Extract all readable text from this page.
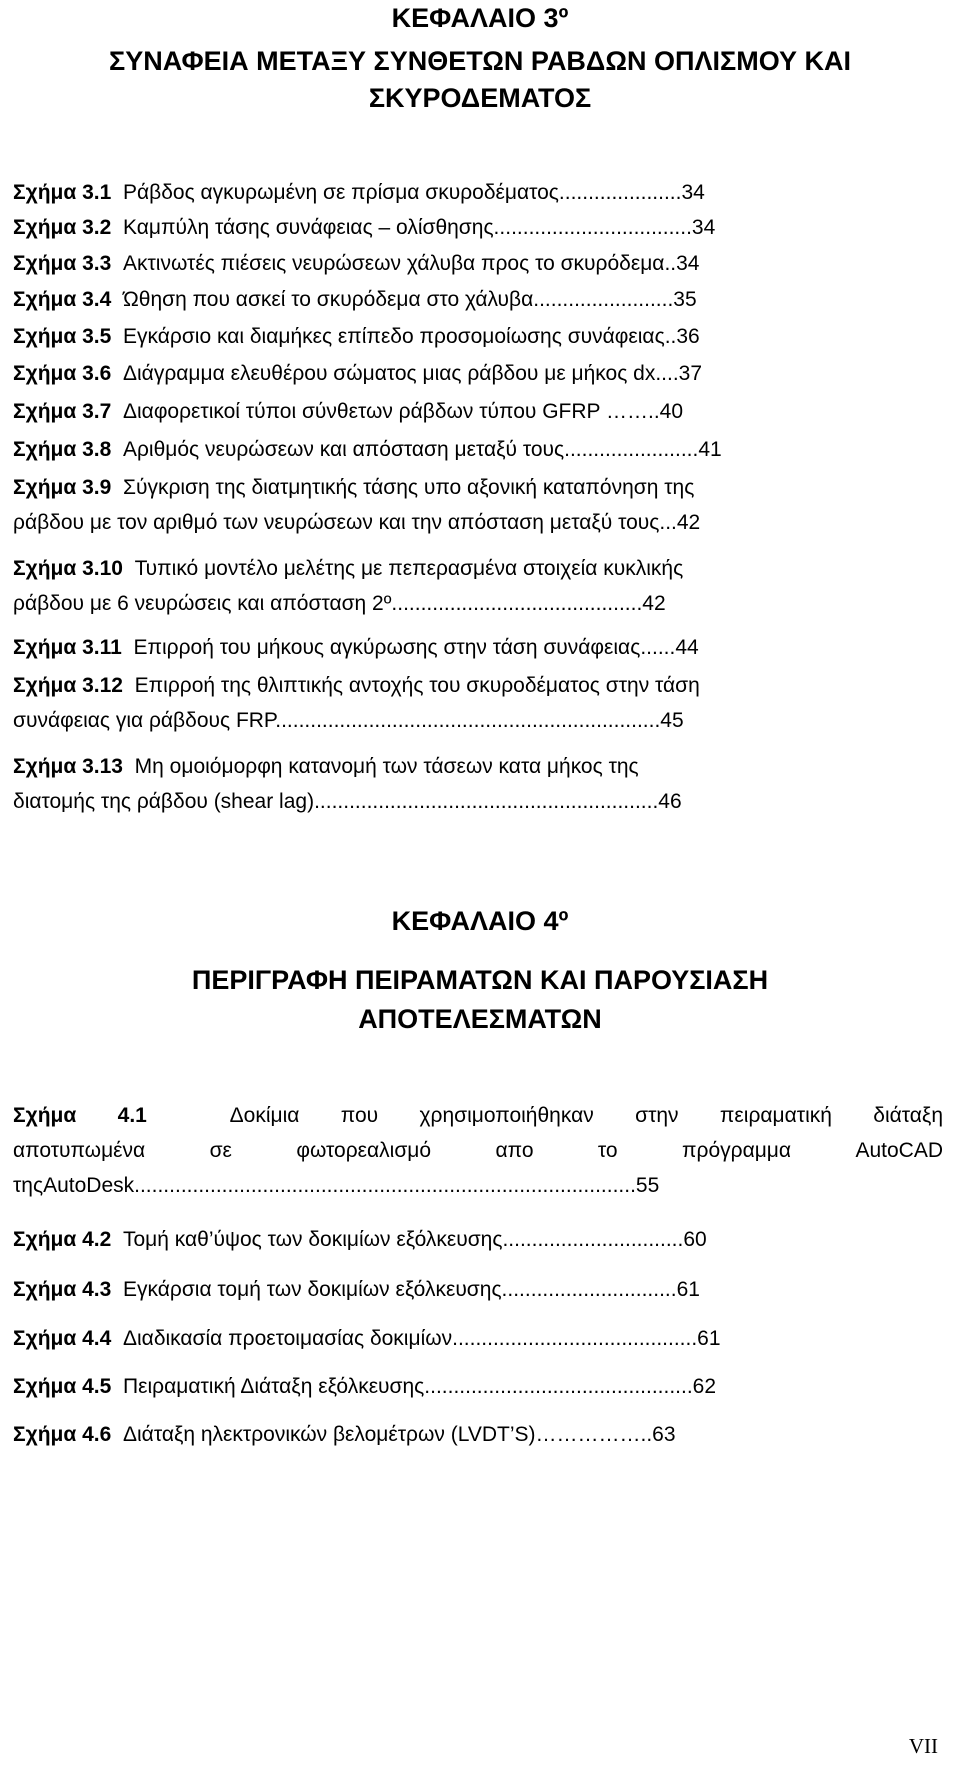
ΚΕΦΑΛΑΙΟ 3º
ΣΥΝΑΦΕΙΑ ΜΕΤΑΞΥ ΣΥΝΘΕΤΩΝ ΡΑΒΔΩΝ ΟΠΛΙΣΜΟΥ ΚΑΙ
ΣΚΥΡΟΔΕΜΑΤΟΣ
Σχήμα 3.1 Ράβδος αγκυρωμένη σε πρίσμα σκυροδέματος.....................34
Σχήμα 3.2 Καμπύλη τάσης συνάφειας – ολίσθησης..................................34
Σχήμα 3.3 Ακτινωτές πιέσεις νευρώσεων χάλυβα προς το σκυρόδεμα..34
Σχήμα 3.4 Ώθηση που ασκεί το σκυρόδεμα στο χάλυβα........................35
Σχήμα 3.5 Εγκάρσιο και διαμήκες επίπεδο προσομοίωσης συνάφειας..36
Σχήμα 3.6 Διάγραμμα ελευθέρου σώματος μιας ράβδου με μήκος dx....37
Σχήμα 3.7 Διαφορετικοί τύποι σύνθετων ράβδων τύπου GFRP ……..40
Σχήμα 3.8 Αριθμός νευρώσεων και απόσταση μεταξύ τους.......................41
Σχήμα 3.9 Σύγκριση της διατμητικής τάσης υπο αξονική καταπόνηση της
ράβδου με τον αριθμό των νευρώσεων και την απόσταση μεταξύ τους...42
Σχήμα 3.10 Τυπικό μοντέλο μελέτης με πεπερασμένα στοιχεία κυκλικής
ράβδου με 6 νευρώσεις και απόσταση 2º...........................................42
Σχήμα 3.11 Επιρροή του μήκους αγκύρωσης στην τάση συνάφειας......44
Σχήμα 3.12 Επιρροή της θλιπτικής αντοχής του σκυροδέματος στην τάση
συνάφειας για ράβδους FRP..................................................................45
Σχήμα 3.13 Μη ομοιόμορφη κατανομή των τάσεων κατα μήκος της
διατομής της ράβδου (shear lag)...........................................................46
ΚΕΦΑΛΑΙΟ 4º
ΠΕΡΙΓΡΑΦΗ ΠΕΙΡΑΜΑΤΩΝ ΚΑΙ ΠΑΡΟΥΣΙΑΣΗ
ΑΠΟΤΕΛΕΣΜΑΤΩΝ
Σχήμα 4.1	Δοκίμια που χρησιμοποιήθηκαν στην πειραματική διάταξη
αποτυπωμένα σε φωτορεαλισμό απο το πρόγραμμα AutoCAD
τηςAutoDesk......................................................................................55
Σχήμα 4.2 Τομή καθ’ύψος των δοκιμίων εξόλκευσης...............................60
Σχήμα 4.3 Εγκάρσια τομή των δοκιμίων εξόλκευσης..............................61
Σχήμα 4.4 Διαδικασία προετοιμασίας δοκιμίων..........................................61
Σχήμα 4.5 Πειραματική Διάταξη εξόλκευσης..............................................62
Σχήμα 4.6 Διάταξη ηλεκτρονικών βελομέτρων (LVDT’S)……………..63
VII
